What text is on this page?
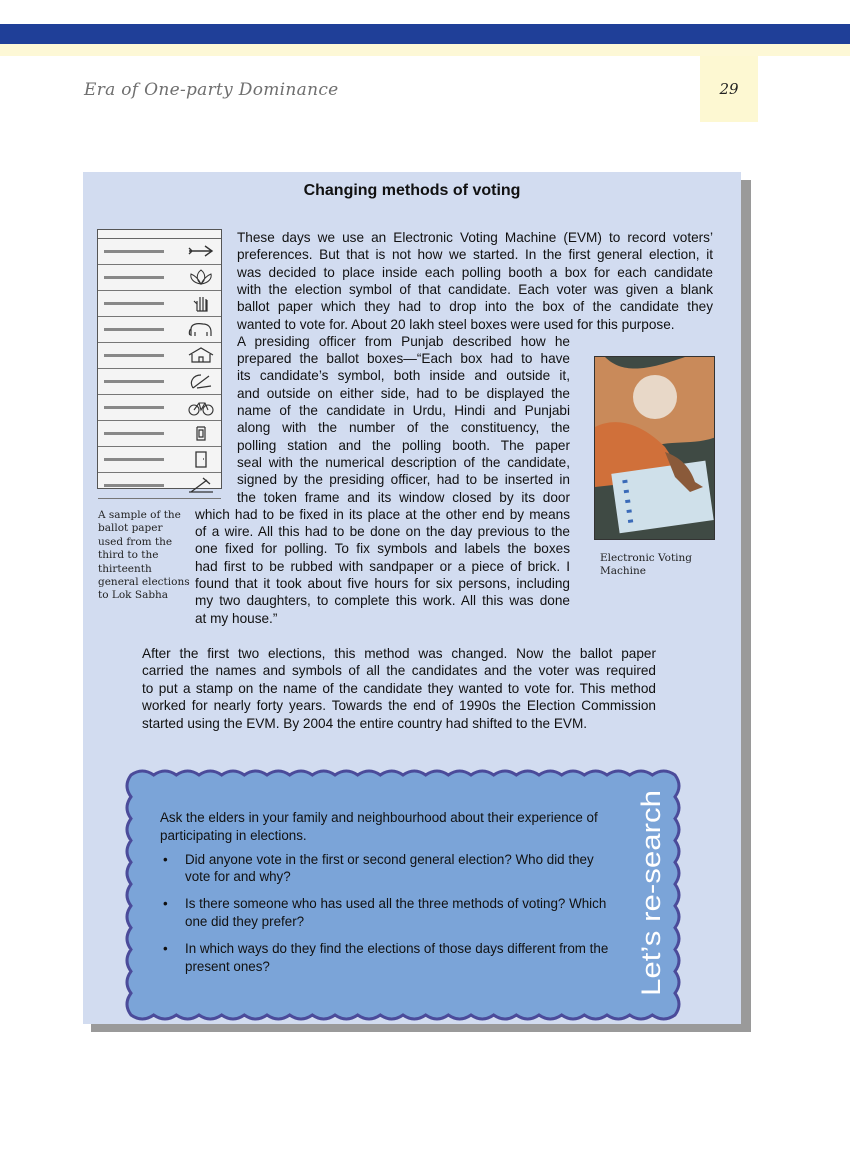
Era of One-party Dominance	29
Changing methods of voting
A sample of the ballot paper used from the third to the thirteenth general elections to Lok Sabha
Electronic Voting Machine
These days we use an Electronic Voting Machine (EVM) to record voters’
preferences. But that is not how we started. In the first general election, it
was decided to place inside each polling booth a box for each candidate
with the election symbol of that candidate. Each voter was given a blank
ballot paper which they had to drop into the box of the candidate they
wanted to vote for. About 20 lakh steel boxes were used for this purpose.
A presiding officer from Punjab described how he
prepared the ballot boxes—“Each box had to have
its candidate’s symbol, both inside and outside it,
and outside on either side, had to be displayed the
name of the candidate in Urdu, Hindi and Punjabi
along with the number of the constituency, the
polling station and the polling booth. The paper
seal with the numerical description of the candidate,
signed by the presiding officer, had to be inserted in
the token frame and its window closed by its door
which had to be fixed in its place at the other end by means
of a wire. All this had to be done on the day previous to the
one fixed for polling. To fix symbols and labels the boxes
had first to be rubbed with sandpaper or a piece of brick. I
found that it took about five hours for six persons, including
my two daughters, to complete this work. All this was done
at my house.”
After the first two elections, this method was changed. Now the ballot paper
carried the names and symbols of all the candidates and the voter was required
to put a stamp on the name of the candidate they wanted to vote for. This method
worked for nearly forty years. Towards the end of 1990s the Election Commission
started using the EVM. By 2004 the entire country had shifted to the EVM.
Ask the elders in your family and neighbourhood about their experience of participating in elections.
• Did anyone vote in the first or second general election? Who did they vote for and why?
• Is there someone who has used all the three methods of voting? Which one did they prefer?
• In which ways do they find the elections of those days different from the present ones?	Let’s re-search
